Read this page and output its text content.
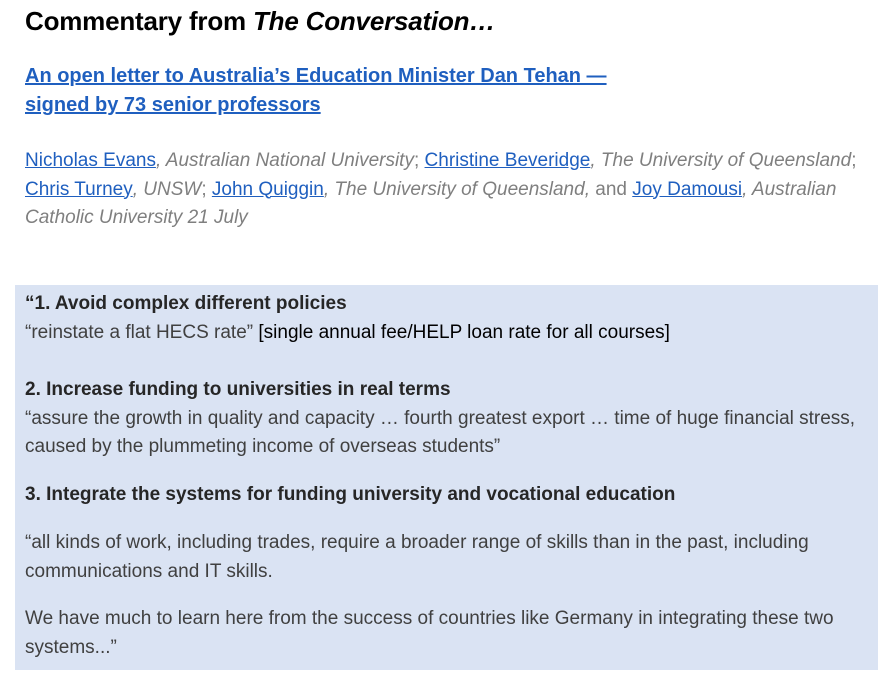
Commentary from The Conversation…
An open letter to Australia’s Education Minister Dan Tehan —
signed by 73 senior professors
Nicholas Evans, Australian National University; Christine Beveridge, The University of Queensland; Chris Turney, UNSW; John Quiggin, The University of Queensland, and Joy Damousi, Australian Catholic University 21 July
“1. Avoid complex different policies
“reinstate a flat HECS rate” [single annual fee/HELP loan rate for all courses]
2. Increase funding to universities in real terms
“assure the growth in quality and capacity … fourth greatest export … time of huge financial stress, caused by the plummeting income of overseas students”
3. Integrate the systems for funding university and vocational education
“all kinds of work, including trades, require a broader range of skills than in the past, including communications and IT skills.
We have much to learn here from the success of countries like Germany in integrating these two systems...”
